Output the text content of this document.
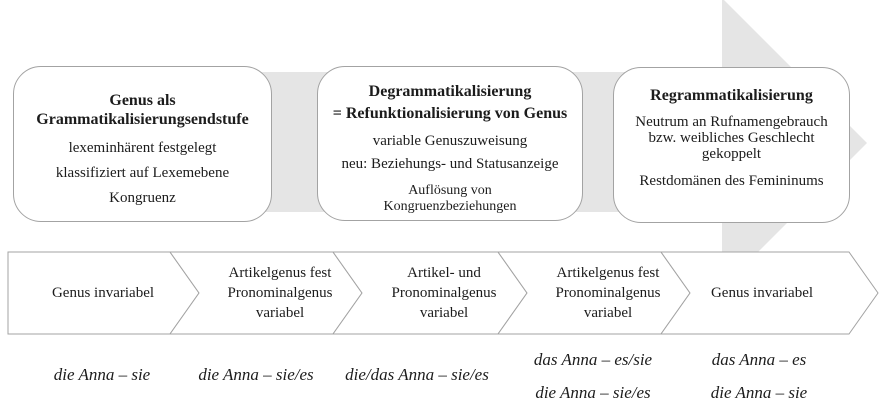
Genus als
Grammatikalisierungsendstufe
lexeminhärent festgelegt
klassifiziert auf Lexemebene
Kongruenz
Degrammatikalisierung
= Refunktionalisierung von Genus
variable Genuszuweisung
neu: Beziehungs- und Statusanzeige
Auflösung von
Kongruenzbeziehungen
Regrammatikalisierung
Neutrum an Rufnamengebrauch
bzw. weibliches Geschlecht
gekoppelt
Restdomänen des Femininums
Genus invariabel
Artikelgenus fest
Pronominalgenus
variabel
Artikel- und
Pronominalgenus
variabel
Artikelgenus fest
Pronominalgenus
variabel
Genus invariabel
die Anna – sie	die Anna – sie/es	die/das Anna – sie/es
das Anna – es/sie
die Anna – sie/es
das Anna – es
die Anna – sie
